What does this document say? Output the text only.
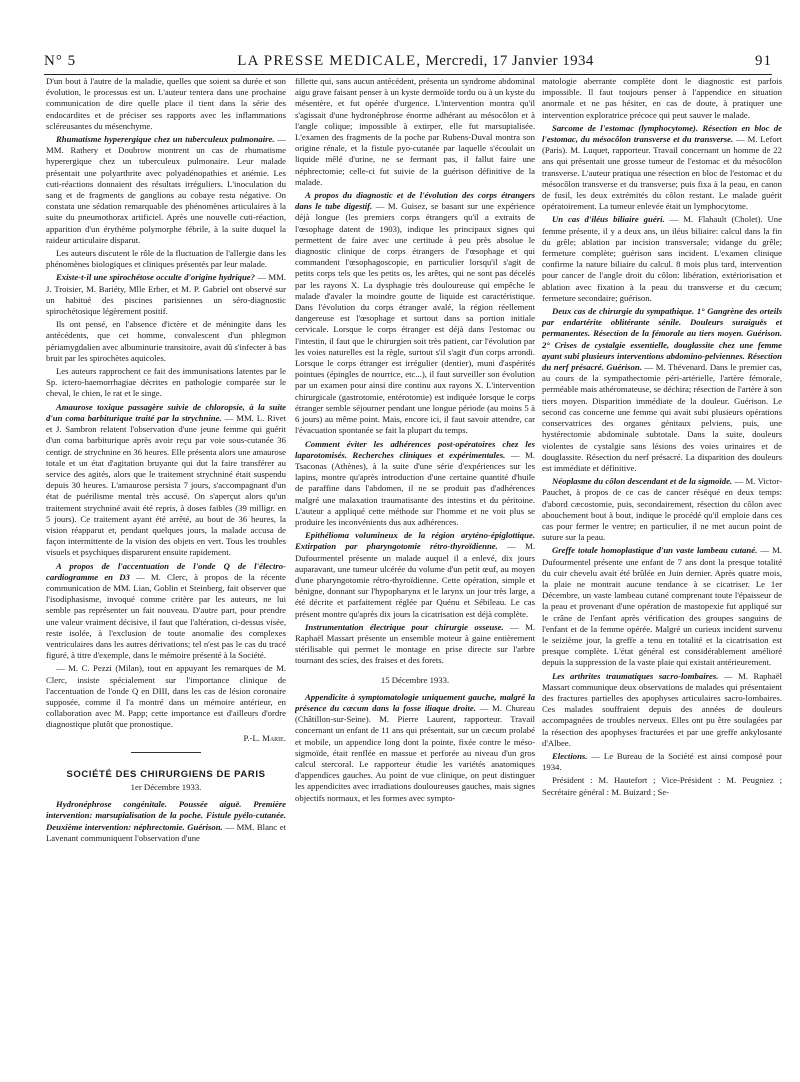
N° 5	LA PRESSE MEDICALE, Mercredi, 17 Janvier 1934	91

D'un bout à l'autre de la maladie, quelles que soient sa durée et son évolution, le processus est un. L'auteur tentera dans une prochaine communication de dire quelle place il tient dans la série des endocardites et de préciser ses rapports avec les inflammations scléreusantes du mésenchyme.

Rhumatisme hyperergique chez un tuberculeux pulmonaire. — MM. Rathery et Doubrow montrent un cas de rhumatisme hyperergique chez un tuberculeux pulmonaire. Leur malade présentait une polyarthrite avec polyadénopathies et anémie. Les cuti-réactions donnaient des résultats irréguliers. L'inoculation du sang et de fragments de ganglions au cobaye resta négative. On constata une sédation remarquable des phénomènes articulaires à la suite du pneumothorax artificiel. Après une nouvelle cuti-réaction, apparition d'un érythème polymorphe fébrile, à la suite duquel la raideur articulaire disparut.

Les auteurs discutent le rôle de la fluctuation de l'allergie dans les phénomènes biologiques et cliniques présentés par leur malade.

Existe-t-il une spirochétose occulte d'origine hydrique? — MM. J. Troisier, M. Bariéty, Mlle Erber, et M. P. Gabriel ont observé sur un habitué des piscines parisiennes un séro-diagnostic spirochétosique légèrement positif.

Ils ont pensé, en l'absence d'ictère et de méningite dans les antécédents, que cet homme, convalescent d'un phlegmon périamygdalien avec albuminurie transitoire, avait dû s'infecter à bas bruit par les spirochètes aquicoles.

Les auteurs rapprochent ce fait des immunisations latentes par le Sp. ictero-haemorrhagiae décrites en pathologie comparée sur le cheval, le chien, le rat et le singe.

Amaurose toxique passagère suivie de chloropsie, à la suite d'un coma barbiturique traité par la strychnine. — MM. L. Rivet et J. Sambron relatent l'observation d'une jeune femme qui guérit d'un coma barbiturique après avoir reçu par voie sous-cutanée 36 centigr. de strychnine en 36 heures. Elle présenta alors une amaurose totale et un état d'agitation bruyante qui dut la faire transférer au service des agités, alors que le traitement strychniné était suspendu depuis 30 heures. L'amaurose persista 7 jours, s'accompagnant d'un état de puérilisme mental très accusé. On s'aperçut alors qu'un traitement strychniné avait été repris, à doses faibles (39 milligr. en 5 jours). Ce traitement ayant été arrêté, au bout de 36 heures, la vision réapparut et, pendant quelques jours, la malade accusa de façon intermittente de la vision des objets en vert. Tous les troubles visuels et psychiques disparurent ensuite rapidement.

A propos de l'accentuation de l'onde Q de l'électro-cardiogramme en D3 — M. Clerc, à propos de la récente communication de MM. Lian, Goblin et Steinberg, fait observer que l'isodiphasisme, invoqué comme critère par les auteurs, ne lui semble pas représenter un fait nouveau. D'autre part, pour prendre une valeur vraiment décisive, il faut que l'altération, ci-dessus visée, reste isolée, à l'exclusion de toute anomalie des complexes ventriculaires dans les autres dérivations; tel n'est pas le cas du tracé figuré, à titre d'exemple, dans le mémoire présenté à la Société.

— M. C. Pezzi (Milan), tout en appuyant les remarques de M. Clerc, insiste spécialement sur l'importance clinique de l'accentuation de l'onde Q en DIII, dans les cas de lésion coronaire supposée, comme il l'a montré dans un mémoire antérieur, en collaboration avec M. Papp; cette importance est d'ailleurs d'ordre diagnostique plutôt que pronostique.

P.-L. Marie.

SOCIÉTÉ DES CHIRURGIENS DE PARIS

1er Décembre 1933.

Hydronéphrose congénitale. Poussée aiguë. Première intervention: marsupialisation de la poche. Fistule pyélo-cutanée. Deuxième intervention: néphrectomie. Guérison. — MM. Blanc et Lavenant communiquent l'observation d'une

fillette qui, sans aucun antécédent, présenta un syndrome abdominal aigu grave faisant penser à un kyste dermoïde tordu ou à un kyste du mésentère, et fut opérée d'urgence. L'intervention montra qu'il s'agissait d'une hydronéphrose énorme adhérant au mésocôlon et à l'angle colique; impossible à extirper, elle fut marsupialisée. L'examen des fragments de la poche par Rubens-Duval montra son origine rénale, et la fistule pyo-cutanée par laquelle s'écoulait un liquide mêlé d'urine, ne se fermant pas, il fallut faire une néphrectomie; celle-ci fut suivie de la guérison définitive de la malade.

A propos du diagnostic et de l'évolution des corps étrangers dans le tube digestif. — M. Guisez, se basant sur une expérience déjà longue (les premiers corps étrangers qu'il a extraits de l'œsophage datent de 1903), indique les principaux signes qui permettent de faire avec une certitude à peu près absolue le diagnostic clinique de corps étrangers de l'œsophage et qui commandent l'œsophagoscopie, en particulier lorsqu'il s'agit de petits corps tels que les petits os, les arêtes, qui ne sont pas décelés par les rayons X. La dysphagie très douloureuse qui empêche le malade d'avaler la moindre goutte de liquide est caractéristique. Dans l'évolution du corps étranger avalé, la région réellement dangereuse est l'œsophage et surtout dans sa portion initiale cervicale. Lorsque le corps étranger est déjà dans l'estomac ou l'intestin, il faut que le chirurgien soit très patient, car l'évolution par les voies naturelles est la règle, surtout s'il s'agit d'un corps arrondi. Lorsque le corps étranger est irrégulier (dentier), muni d'aspérités pointues (épingles de nourrice, etc...), il faut surveiller son évolution par un examen pour ainsi dire continu aux rayons X. L'intervention chirurgicale (gastrotomie, entérotomie) est indiquée lorsque le corps étranger semble séjourner pendant une longue période (au moins 5 à 6 jours) au même point. Mais, encore ici, il faut savoir attendre, car l'évacuation spontanée se fait la plupart du temps.

Comment éviter les adhérences post-opératoires chez les laparotomisés. Recherches cliniques et expérimentales. — M. Tsaconas (Athènes), à la suite d'une série d'expériences sur les lapins, montre qu'après introduction d'une certaine quantité d'huile de paraffine dans l'abdomen, il ne se produit pas d'adhérences malgré une malaxation traumatisante des intestins et du péritoine. L'auteur a appliqué cette méthode sur l'homme et ne voit plus se produire les inconvénients dus aux adhérences.

Epithélioma volumineux de la région aryténo-épiglottique. Extirpation par pharyngotomie rétro-thyroïdienne. — M. Dufourmentel présente un malade auquel il a enlevé, dix jours auparavant, une tumeur ulcérée du volume d'un petit œuf, au moyen d'une pharyngotomie rétro-thyroïdienne. Cette opération, simple et bénigne, donnant sur l'hypopharynx et le larynx un jour très large, a été décrite et parfaitement réglée par Quénu et Sébileau. Le cas présent montre qu'après dix jours la cicatrisation est déjà complète.

Instrumentation électrique pour chirurgie osseuse. — M. Raphaël Massart présente un ensemble moteur à gaine entièrement stérilisable qui permet le montage en prise directe sur l'arbre tournant des scies, des fraises et des forets.

15 Décembre 1933.

Appendicite à symptomatologie uniquement gauche, malgré la présence du cæcum dans la fosse iliaque droite. — M. Chureau (Châtillon-sur-Seine). M. Pierre Laurent, rapporteur. Travail concernant un enfant de 11 ans qui présentait, sur un cæcum prolabé et mobile, un appendice long dont la pointe, fixée contre le méso-sigmoïde, était renflée en massue et perforée au niveau d'un gros calcul stercoral. Le rapporteur étudie les variétés anatomiques d'appendices gauches. Au point de vue clinique, on peut distinguer les appendicites avec irradiations douloureuses gauches, mais signes objectifs normaux, et les formes avec sympto-

matologie aberrante complète dont le diagnostic est parfois impossible. Il faut toujours penser à l'appendice en situation anormale et ne pas hésiter, en cas de doute, à pratiquer une intervention exploratrice précoce qui peut sauver le malade.

Sarcome de l'estomac (lymphocytome). Résection en bloc de l'estomac, du mésocôlon transverse et du transverse. — M. Lefort (Paris). M. Luquet, rapporteur. Travail concernant un homme de 22 ans qui présentait une grosse tumeur de l'estomac et du mésocôlon transverse. L'auteur pratiqua une résection en bloc de l'estomac et du mésocôlon transverse et du transverse; puis fixa à la peau, en canon de fusil, les deux extrémités du côlon restant. Le malade guérit opératoirement. La tumeur enlevée était un lymphocytome.

Un cas d'iléus biliaire guéri. — M. Flahault (Cholet). Une femme présente, il y a deux ans, un iléus biliaire: calcul dans la fin du grêle; ablation par incision transversale; vidange du grêle; fermeture complète; guérison sans incident. L'examen clinique confirme la nature biliaire du calcul. 8 mois plus tard, intervention pour cancer de l'angle droit du côlon: libération, extériorisation et ablation avec fixation à la peau du transverse et du cæcum; fermeture secondaire; guérison.

Deux cas de chirurgie du sympathique. 1° Gangrène des orteils par endartérite oblitérante sénile. Douleurs suraiguës et permanentes. Résection de la fémorale au tiers moyen. Guérison. 2° Crises de cystalgie essentielle, douglassite chez une femme ayant subi plusieurs interventions abdomino-pelviennes. Résection du nerf présacré. Guérison. — M. Thévenard. Dans le premier cas, au cours de la sympathectomie péri-artérielle, l'artère fémorale, perméable mais athéromateuse, se déchira; résection de l'artère à son tiers moyen. Disparition immédiate de la douleur. Guérison. Le second cas concerne une femme qui avait subi plusieurs opérations conservatrices des organes génitaux pelviens, puis, une hystérectomie abdominale subtotale. Dans la suite, douleurs violentes de cystalgie sans lésions des voies urinaires et de douglassite. Résection du nerf présacré. La disparition des douleurs est immédiate et définitive.

Néoplasme du côlon descendant et de la sigmoïde. — M. Victor-Pauchet, à propos de ce cas de cancer réséqué en deux temps: d'abord cæcostomie, puis, secondairement, résection du côlon avec abouchement bout à bout, indique le procédé qu'il emploie dans ces cas pour fermer le ventre; en particulier, il ne met aucun point de suture sur la peau.

Greffe totale homoplastique d'un vaste lambeau cutané. — M. Dufourmentel présente une enfant de 7 ans dont la presque totalité du cuir chevelu avait été brûlée en Juin dernier. Après quatre mois, la plaie ne montrait aucune tendance à se cicatriser. Le 1er Décembre, un vaste lambeau cutané comprenant toute l'épaisseur de la peau et provenant d'une opération de mastopexie fut appliqué sur le crâne de l'enfant après vérification des groupes sanguins de l'enfant et de la femme opérée. Malgré un curieux incident survenu le seizième jour, la greffe a tenu en totalité et la cicatrisation est presque complète. L'état général est considérablement amélioré depuis la suppression de la vaste plaie qui existait antérieurement.

Les arthrites traumatiques sacro-lombaires. — M. Raphaël Massart communique deux observations de malades qui présentaient des fractures partielles des apophyses articulaires sacro-lombaires. Ces malades souffraient depuis des années de douleurs accompagnées de troubles nerveux. Elles ont pu être soulagées par la résection des apophyses fracturées et par une greffe ankylosante d'Albee.

Elections. — Le Bureau de la Société est ainsi composé pour 1934.

Président : M. Hautefort ; Vice-Président : M. Peugniez ; Secrétaire général : M. Buizard ; Se-
